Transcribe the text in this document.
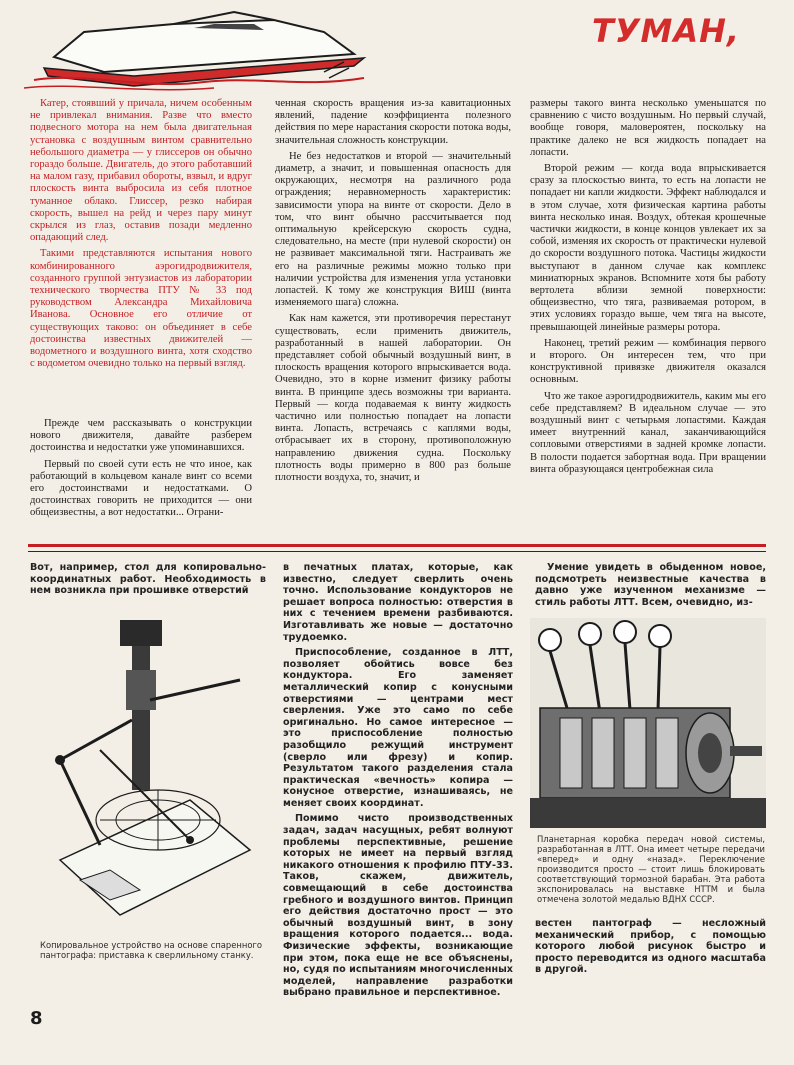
ТУМАН,

Катер, стоявший у причала, ничем особенным не привлекал внимания. Разве что вместо подвесного мотора на нем была двигательная установка с воздушным винтом сравнительно небольшого диаметра — у глиссеров он обычно гораздо больше. Двигатель, до этого работавший на малом газу, прибавил обороты, взвыл, и вдруг плоскость винта выбросила из себя плотное туманное облако. Глиссер, резко набирая скорость, вышел на рейд и через пару минут скрылся из глаз, оставив позади медленно опадающий след.

Такими представляются испытания нового комбинированного аэрогидродвижителя, созданного группой энтузиастов из лаборатории технического творчества ПТУ № 33 под руководством Александра Михайловича Иванова. Основное его отличие от существующих таково: он объединяет в себе достоинства известных движителей — водометного и воздушного винта, хотя сходство с водометом очевидно только на первый взгляд.

Прежде чем рассказывать о конструкции нового движителя, давайте разберем достоинства и недостатки уже упоминавшихся.

Первый по своей сути есть не что иное, как работающий в кольцевом канале винт со всеми его достоинствами и недостатками. О достоинствах говорить не приходится — они общеизвестны, а вот недостатки... Ограни-

ченная скорость вращения из-за кавитационных явлений, падение коэффициента полезного действия по мере нарастания скорости потока воды, значительная сложность конструкции.

Не без недостатков и второй — значительный диаметр, а значит, и повышенная опасность для окружающих, несмотря на различного рода ограждения; неравномерность характеристик: зависимости упора на винте от скорости. Дело в том, что винт обычно рассчитывается под оптимальную крейсерскую скорость судна, следовательно, на месте (при нулевой скорости) он не развивает максимальной тяги. Настраивать же его на различные режимы можно только при наличии устройства для изменения угла установки лопастей. К тому же конструкция ВИШ (винта изменяемого шага) сложна.

Как нам кажется, эти противоречия перестанут существовать, если применить движитель, разработанный в нашей лаборатории. Он представляет собой обычный воздушный винт, в плоскость вращения которого впрыскивается вода. Очевидно, это в корне изменит физику работы винта. В принципе здесь возможны три варианта. Первый — когда подаваемая к винту жидкость частично или полностью попадает на лопасти винта. Лопасть, встречаясь с каплями воды, отбрасывает их в сторону, противоположную направлению движения судна. Поскольку плотность воды примерно в 800 раз больше плотности воздуха, то, значит, и

размеры такого винта несколько уменьшатся по сравнению с чисто воздушным. Но первый случай, вообще говоря, маловероятен, поскольку на практике далеко не вся жидкость попадает на лопасти.

Второй режим — когда вода впрыскивается сразу за плоскостью винта, то есть на лопасти не попадает ни капли жидкости. Эффект наблюдался и в этом случае, хотя физическая картина работы винта несколько иная. Воздух, обтекая крошечные частички жидкости, в конце концов увлекает их за собой, изменяя их скорость от практически нулевой до скорости воздушного потока. Частицы жидкости выступают в данном случае как комплекс миниатюрных экранов. Вспомните хотя бы работу вертолета вблизи земной поверхности: общеизвестно, что тяга, развиваемая ротором, в этих условиях гораздо выше, чем тяга на высоте, превышающей линейные размеры ротора.

Наконец, третий режим — комбинация первого и второго. Он интересен тем, что при конструктивной привязке движителя оказался основным.

Что же такое аэрогидродвижитель, каким мы его себе представляем? В идеальном случае — это воздушный винт с четырьмя лопастями. Каждая имеет внутренний канал, заканчивающийся сопловыми отверстиями в задней кромке лопасти. В полости подается забортная вода. При вращении винта образующаяся центробежная сила

Вот, например, стол для копировально-координатных работ. Необходимость в нем возникла при прошивке отверстий

Копировальное устройство на основе спаренного пантографа: приставка к сверлильному станку.

в печатных платах, которые, как известно, следует сверлить очень точно. Использование кондукторов не решает вопроса полностью: отверстия в них с течением времени разбиваются. Изготавливать же новые — достаточно трудоемко.

Приспособление, созданное в ЛТТ, позволяет обойтись вовсе без кондуктора. Его заменяет металлический копир с конусными отверстиями — центрами мест сверления. Уже это само по себе оригинально. Но самое интересное — это приспособление полностью разобщило режущий инструмент (сверло или фрезу) и копир. Результатом такого разделения стала практическая «вечность» копира — конусное отверстие, изнашиваясь, не меняет своих координат.

Помимо чисто производственных задач, задач насущных, ребят волнуют проблемы перспективные, решение которых не имеет на первый взгляд никакого отношения к профилю ПТУ-33. Таков, скажем, движитель, совмещающий в себе достоинства гребного и воздушного винтов. Принцип его действия достаточно прост — это обычный воздушный винт, в зону вращения которого подается... вода. Физические эффекты, возникающие при этом, пока еще не все объяснены, но, судя по испытаниям многочисленных моделей, направление разработки выбрано правильное и перспективное.

Умение увидеть в обыденном новое, подсмотреть неизвестные качества в давно уже изученном механизме — стиль работы ЛТТ. Всем, очевидно, из-

Планетарная коробка передач новой системы, разработанная в ЛТТ. Она имеет четыре передачи «вперед» и одну «назад». Переключение производится просто — стоит лишь блокировать соответствующий тормозной барабан. Эта работа экспонировалась на выставке НТТМ и была отмечена золотой медалью ВДНХ СССР.

вестен пантограф — несложный механический прибор, с помощью которого любой рисунок быстро и просто переводится из одного масштаба в другой.

8
